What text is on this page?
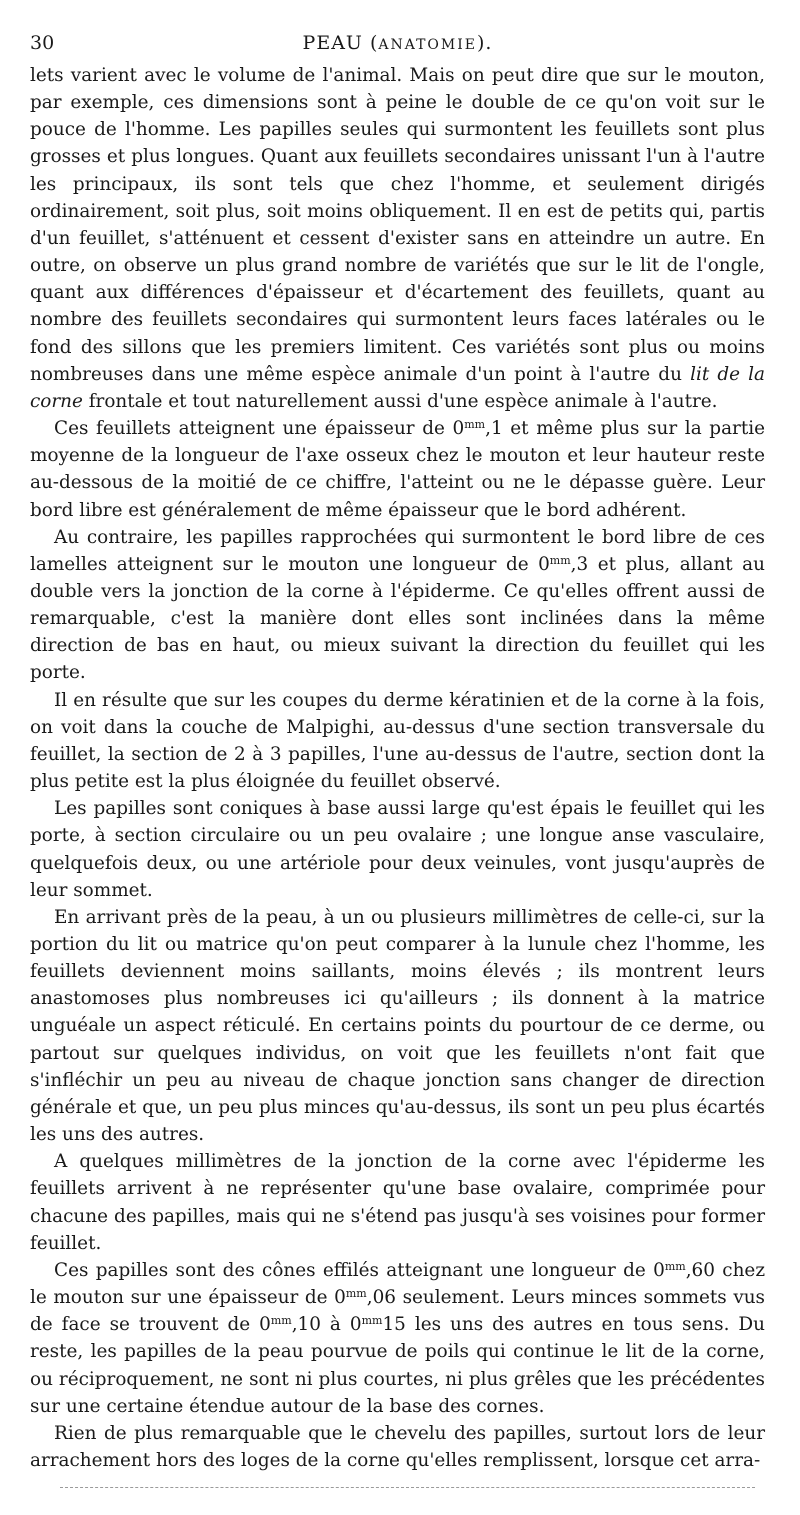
30	PEAU (ANATOMIE).

lets varient avec le volume de l'animal. Mais on peut dire que sur le mouton, par exemple, ces dimensions sont à peine le double de ce qu'on voit sur le pouce de l'homme. Les papilles seules qui surmontent les feuillets sont plus grosses et plus longues. Quant aux feuillets secondaires unissant l'un à l'autre les principaux, ils sont tels que chez l'homme, et seulement dirigés ordinairement, soit plus, soit moins obliquement. Il en est de petits qui, partis d'un feuillet, s'atténuent et cessent d'exister sans en atteindre un autre. En outre, on observe un plus grand nombre de variétés que sur le lit de l'ongle, quant aux différences d'épaisseur et d'écartement des feuillets, quant au nombre des feuillets secondaires qui surmontent leurs faces latérales ou le fond des sillons que les premiers limitent. Ces variétés sont plus ou moins nombreuses dans une même espèce animale d'un point à l'autre du lit de la corne frontale et tout naturellement aussi d'une espèce animale à l'autre.

Ces feuillets atteignent une épaisseur de $0^{mm},1$ et même plus sur la partie moyenne de la longueur de l'axe osseux chez le mouton et leur hauteur reste au-dessous de la moitié de ce chiffre, l'atteint ou ne le dépasse guère. Leur bord libre est généralement de même épaisseur que le bord adhérent.

Au contraire, les papilles rapprochées qui surmontent le bord libre de ces lamelles atteignent sur le mouton une longueur de $0^{mm},3$ et plus, allant au double vers la jonction de la corne à l'épiderme. Ce qu'elles offrent aussi de remarquable, c'est la manière dont elles sont inclinées dans la même direction de bas en haut, ou mieux suivant la direction du feuillet qui les porte.

Il en résulte que sur les coupes du derme kératinien et de la corne à la fois, on voit dans la couche de Malpighi, au-dessus d'une section transversale du feuillet, la section de 2 à 3 papilles, l'une au-dessus de l'autre, section dont la plus petite est la plus éloignée du feuillet observé.

Les papilles sont coniques à base aussi large qu'est épais le feuillet qui les porte, à section circulaire ou un peu ovalaire ; une longue anse vasculaire, quelquefois deux, ou une artériole pour deux veinules, vont jusqu'auprès de leur sommet.

En arrivant près de la peau, à un ou plusieurs millimètres de celle-ci, sur la portion du lit ou matrice qu'on peut comparer à la lunule chez l'homme, les feuillets deviennent moins saillants, moins élevés ; ils montrent leurs anastomoses plus nombreuses ici qu'ailleurs ; ils donnent à la matrice unguéale un aspect réticulé. En certains points du pourtour de ce derme, ou partout sur quelques individus, on voit que les feuillets n'ont fait que s'infléchir un peu au niveau de chaque jonction sans changer de direction générale et que, un peu plus minces qu'au-dessus, ils sont un peu plus écartés les uns des autres.

A quelques millimètres de la jonction de la corne avec l'épiderme les feuillets arrivent à ne représenter qu'une base ovalaire, comprimée pour chacune des papilles, mais qui ne s'étend pas jusqu'à ses voisines pour former feuillet.

Ces papilles sont des cônes effilés atteignant une longueur de $0^{mm},60$ chez le mouton sur une épaisseur de $0^{mm},06$ seulement. Leurs minces sommets vus de face se trouvent de $0^{mm},10$ à $0^{mm}15$ les uns des autres en tous sens. Du reste, les papilles de la peau pourvue de poils qui continue le lit de la corne, ou réciproquement, ne sont ni plus courtes, ni plus grêles que les précédentes sur une certaine étendue autour de la base des cornes.

Rien de plus remarquable que le chevelu des papilles, surtout lors de leur arrachement hors des loges de la corne qu'elles remplissent, lorsque cet arra-
